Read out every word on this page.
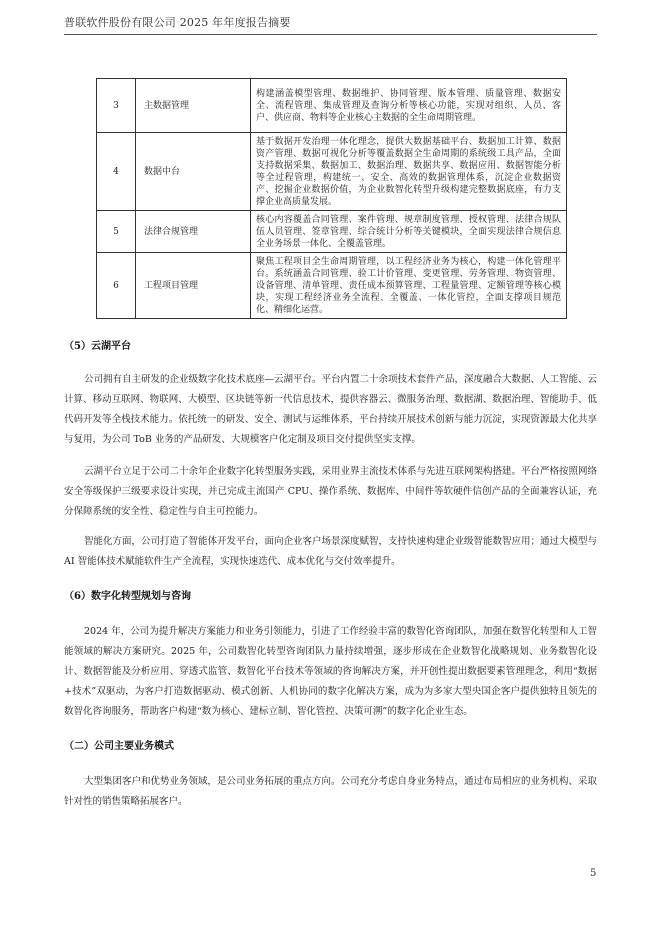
普联软件股份有限公司 2025 年年度报告摘要
3	主数据管理	构建涵盖模型管理、数据维护、协同管理、版本管理、质量管理、数据安全、流程管理、集成管理及查询分析等核心功能，实现对组织、人员、客户、供应商、物料等企业核心主数据的全生命周期管理。
4	数据中台	基于数据开发治理一体化理念，提供大数据基础平台、数据加工计算、数据资产管理、数据可视化分析等覆盖数据全生命周期的系统级工具产品，全面支持数据采集、数据加工、数据治理、数据共享、数据应用、数据智能分析等全过程管理，构建统一、安全、高效的数据管理体系，沉淀企业数据资产、挖掘企业数据价值，为企业数智化转型升级构建完整数据底座，有力支撑企业高质量发展。
5	法律合规管理	核心内容覆盖合同管理、案件管理、规章制度管理、授权管理、法律合规队伍人员管理、签章管理、综合统计分析等关键模块，全面实现法律合规信息全业务场景一体化、全覆盖管理。
6	工程项目管理	聚焦工程项目全生命周期管理，以工程经济业务为核心，构建一体化管理平台。系统涵盖合同管理、验工计价管理、变更管理、劳务管理、物资管理、设备管理、清单管理、责任成本预算管理、工程量管理、定额管理等核心模块，实现工程经济业务全流程、全覆盖、一体化管控，全面支撑项目规范化、精细化运营。
（5）云湖平台

公司拥有自主研发的企业级数字化技术底座—云湖平台。平台内置二十余项技术套件产品，深度融合大数据、人工智能、云计算、移动互联网、物联网、大模型、区块链等新一代信息技术，提供容器云、微服务治理、数据湖、数据治理、智能助手、低代码开发等全栈技术能力。依托统一的研发、安全、测试与运维体系，平台持续开展技术创新与能力沉淀，实现资源最大化共享与复用，为公司 ToB 业务的产品研发、大规模客户化定制及项目交付提供坚实支撑。

云湖平台立足于公司二十余年企业数字化转型服务实践，采用业界主流技术体系与先进互联网架构搭建。平台严格按照网络安全等级保护三级要求设计实现，并已完成主流国产 CPU、操作系统、数据库、中间件等软硬件信创产品的全面兼容认证，充分保障系统的安全性、稳定性与自主可控能力。

智能化方面，公司打造了智能体开发平台，面向企业客户场景深度赋智，支持快速构建企业级智能数智应用；通过大模型与 AI 智能体技术赋能软件生产全流程，实现快速迭代、成本优化与交付效率提升。

（6）数字化转型规划与咨询

2024 年，公司为提升解决方案能力和业务引领能力，引进了工作经验丰富的数智化咨询团队，加强在数智化转型和人工智能领域的解决方案研究。2025 年，公司数智化转型咨询团队力量持续增强，逐步形成在企业数智化战略规划、业务数智化设计、数据智能及分析应用、穿透式监管、数智化平台技术等领域的咨询解决方案，并开创性提出数据要素管理理念，利用“数据+技术”双驱动，为客户打造数据驱动、模式创新、人机协同的数字化解决方案，成为为多家大型央国企客户提供独特且领先的数智化咨询服务，帮助客户构建“数为核心、建标立制、智化管控、决策可溯”的数字化企业生态。

（二）公司主要业务模式

大型集团客户和优势业务领域，是公司业务拓展的重点方向。公司充分考虑自身业务特点，通过布局相应的业务机构、采取针对性的销售策略拓展客户。

5
